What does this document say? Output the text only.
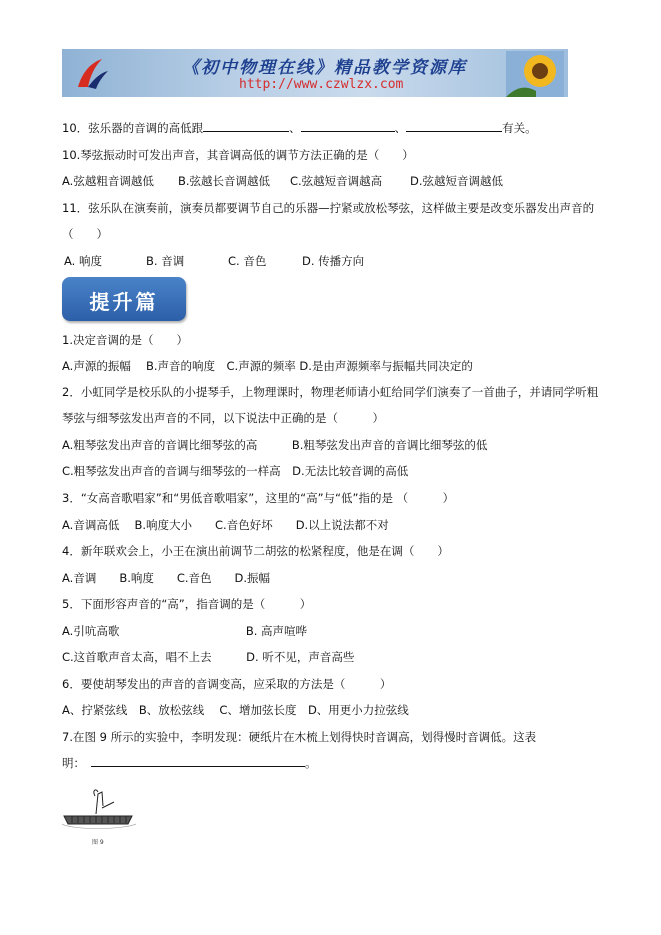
《初中物理在线》精品教学资源库
http://www.czwlzx.com
10．弦乐器的音调的高低跟	、	、	有关。
10.琴弦振动时可发出声音，其音调高低的调节方法正确的是（　　）
A.弦越粗音调越低 B.弦越长音调越低 C.弦越短音调越高 D.弦越短音调越低
11．弦乐队在演奏前，演奏员都要调节自己的乐器—拧紧或放松琴弦，这样做主要是改变乐器发出声音的
（　　）
A. 响度	B. 音调	C. 音色	D. 传播方向
提升篇
1.决定音调的是（　　）
A.声源的振幅　 B.声音的响度　C.声源的频率 D.是由声源频率与振幅共同决定的
2．小虹同学是校乐队的小提琴手，上物理课时，物理老师请小虹给同学们演奏了一首曲子，并请同学听粗
琴弦与细琴弦发出声音的不同，以下说法中正确的是（　　　）
A.粗琴弦发出声音的音调比细琴弦的高　　　B.粗琴弦发出声音的音调比细琴弦的低
C.粗琴弦发出声音的音调与细琴弦的一样高　D.无法比较音调的高低
3．“女高音歌唱家”和“男低音歌唱家”，这里的“高”与“低”指的是 （　　　）
A.音调高低　 B.响度大小　　C.音色好坏　　D.以上说法都不对
4．新年联欢会上，小王在演出前调节二胡弦的松紧程度，他是在调（　　）
A.音调　　B.响度　　C.音色　　D.振幅
5．下面形容声音的“高”，指音调的是（　　　）
A.引吭高歌　　　　　　　　　　　B. 高声喧哗
C.这首歌声音太高，唱不上去　　　D. 听不见，声音高些
6．要使胡琴发出的声音的音调变高，应采取的方法是（　　　）
A、拧紧弦线　B、放松弦线　 C、增加弦长度　D、用更小力拉弦线
7.在图 9 所示的实验中，李明发现：硬纸片在木梳上划得快时音调高，划得慢时音调低。这表
明：	。
图 9
